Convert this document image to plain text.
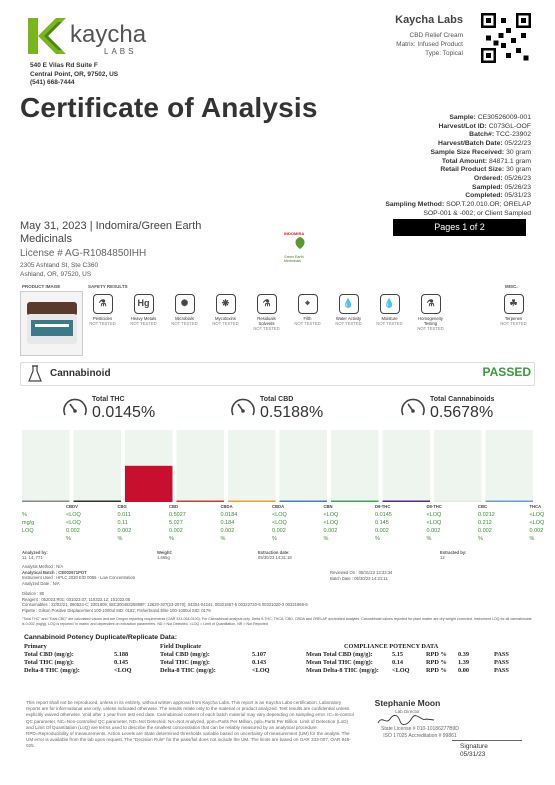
kaycha
LABS
540 E Vilas Rd Suite F
Central Point, OR, 97502, US
(541) 668-7444
Certificate of Analysis
Kaycha Labs
CBD Relief Cream
Matrix: Infused Product
Type: Topical
Sample: CE30526009-001
Harvest/Lot ID: C073GL-OOF
Batch#: TCC-23902
Harvest/Batch Date: 05/22/23
Sample Size Received: 30 gram
Total Amount: 84871.1 gram
Retail Product Size: 30 gram
Ordered: 05/26/23
Sampled: 05/26/23
Completed: 05/31/23
Sampling Method: SOP.T.20.010.OR; ORELAP
SOP-001 & -002; or Client Sampled
May 31, 2023 | Indomira/Green Earth Medicinals
License # AG-R1084850IHH
2305 Ashland St, Ste C360
Ashland, OR, 97520, US
INDOMIRA
Green Earth Medicinals
Pages 1 of 2
PRODUCT IMAGE	SAFETY RESULTS	MISC.
⚗
Pesticides
NOT TESTED
Hg
Heavy Metals
NOT TESTED
✺
Microbials
NOT TESTED
❋
Mycotoxins
NOT TESTED
⚗
Residuals Solvents
NOT TESTED
⌖
Filth
NOT TESTED
💧
Water Activity
NOT TESTED
💧
Moisture
NOT TESTED
⚗
Homogeneity Testing
NOT TESTED
☘
Terpenes
NOT TESTED
Cannabinoid	PASSED
Total THC
0.0145%
Total CBD
0.5188%
Total Cannabinoids
0.5678%
CBDV	CBG	CBD	CBDA	CBDA	CBN	D9-THC	D8-THC	CBC	THCA
%	<LOQ	0.011	0.5027	0.0184	<LOQ	<LOQ	0.0145	<LOQ	0.0212	<LOQ
mg/g	<LOQ	0.11	5.027	0.184	<LOQ	<LOQ	0.145	<LOQ	0.212	<LOQ
LOQ	0.002	0.002	0.002	0.002	0.002	0.002	0.002	0.002	0.002	0.002
%	%	%	%	%	%	%	%	%	%
Analyzed by:
11, 14, 771
Weight:
1.665g
Extraction date:
05/30/23 14:31:18
Extracted by:
12
Analysis Method : N/A
Analytical Batch : CE002671POT
Instrument Used : HPLC 2020 E/D 0055 - Low Concentration
Analyzed Date : N/A
Reviewed On : 05/31/23 13:33:34
Batch Date : 05/30/23 14:31:11
Dilution : 80
Reagent : 052023.R01; 031023.07; 110322.12; 101022.05
Consumables : 22/02/21; 060523-C; 2301809; 58C30048325858F; 12620-307(23-2070); 04304-04241; 00321867-5 00322720-5 00321020-3 00321868-5
Pipette : Gilson Positive Displacement 100-1000ul SID: 0182; Fisherbrand Elite 100-1000ul SID: 0179
"Total THC" and "Total CBD" are calculated values and are Oregon reporting requirements (OAR 333-064-0100). For Cannabinoid analysis only, Delta 9-THC, THCA, CBD, CBDA and ORELAP accredited analytes. Cannabinoid values reported for plant matter are dry weight corrected. Instrument LOQ for all cannabinoids is 0.002 (mg/g). LOQ is reported 'in matrix' and dependent on extraction parameters. ND = Not Detected, <LOQ = Limit of Quantitation, NR = Not Reported
Cannabinoid Potency Duplicate/Replicate Data:
Primary	Field Duplicate	COMPLIANCE POTENCY DATA
Total CBD (mg/g):	5.188	Total CBD (mg/g):	5.107	Mean Total CBD (mg/g):	5.15	RPD % 0.39	PASS
Total THC (mg/g):	0.145	Total THC (mg/g):	0.143	Mean Total THC (mg/g):	0.14	RPD % 1.39	PASS
Delta-8 THC (mg/g):	<LOQ	Delta-8 THC (mg/g):	<LOQ	Mean Delta-8 THC (mg/g): <LOQ	RPD % 0.00	PASS
This report shall not be reproduced, unless in its entirety, without written approval from Kaycha Labs. This report is an Kaycha Labs certification. Laboratory reports are for informational use only, unless indicated otherwise. The results relate only to the material or product analyzed. Test results are confidential unless explicitly waived otherwise. Void after 1 year from test end date. Cannabinoid content of each batch material may vary depending on sampling error. IC=In-control QC parameter, NC=Non-controlled QC parameter, ND=Not Detected, NA=Not Analyzed, ppm=Parts Per Million, ppb=Parts Per Billion. Limit of Detection (LoD) and Limit Of Quantitation (LoQ) are terms used to describe the smallest concentration that can be reliably measured by an analytical procedure. RPD=Reproducibility of measurements. Action Levels are State determined thresholds variable based on uncertainty of measurement (UM) for the analyte. The UM error is available from the lab upon request. The "Decision Rule" for the pass/fail does not include the UM. The limits are based on OAR 333-007, OAR 845-025.
Stephanie Moon
Lab Director
State License # 010-10186277B9D
ISO 17025 Accreditation # 99861
Signature
05/31/23
